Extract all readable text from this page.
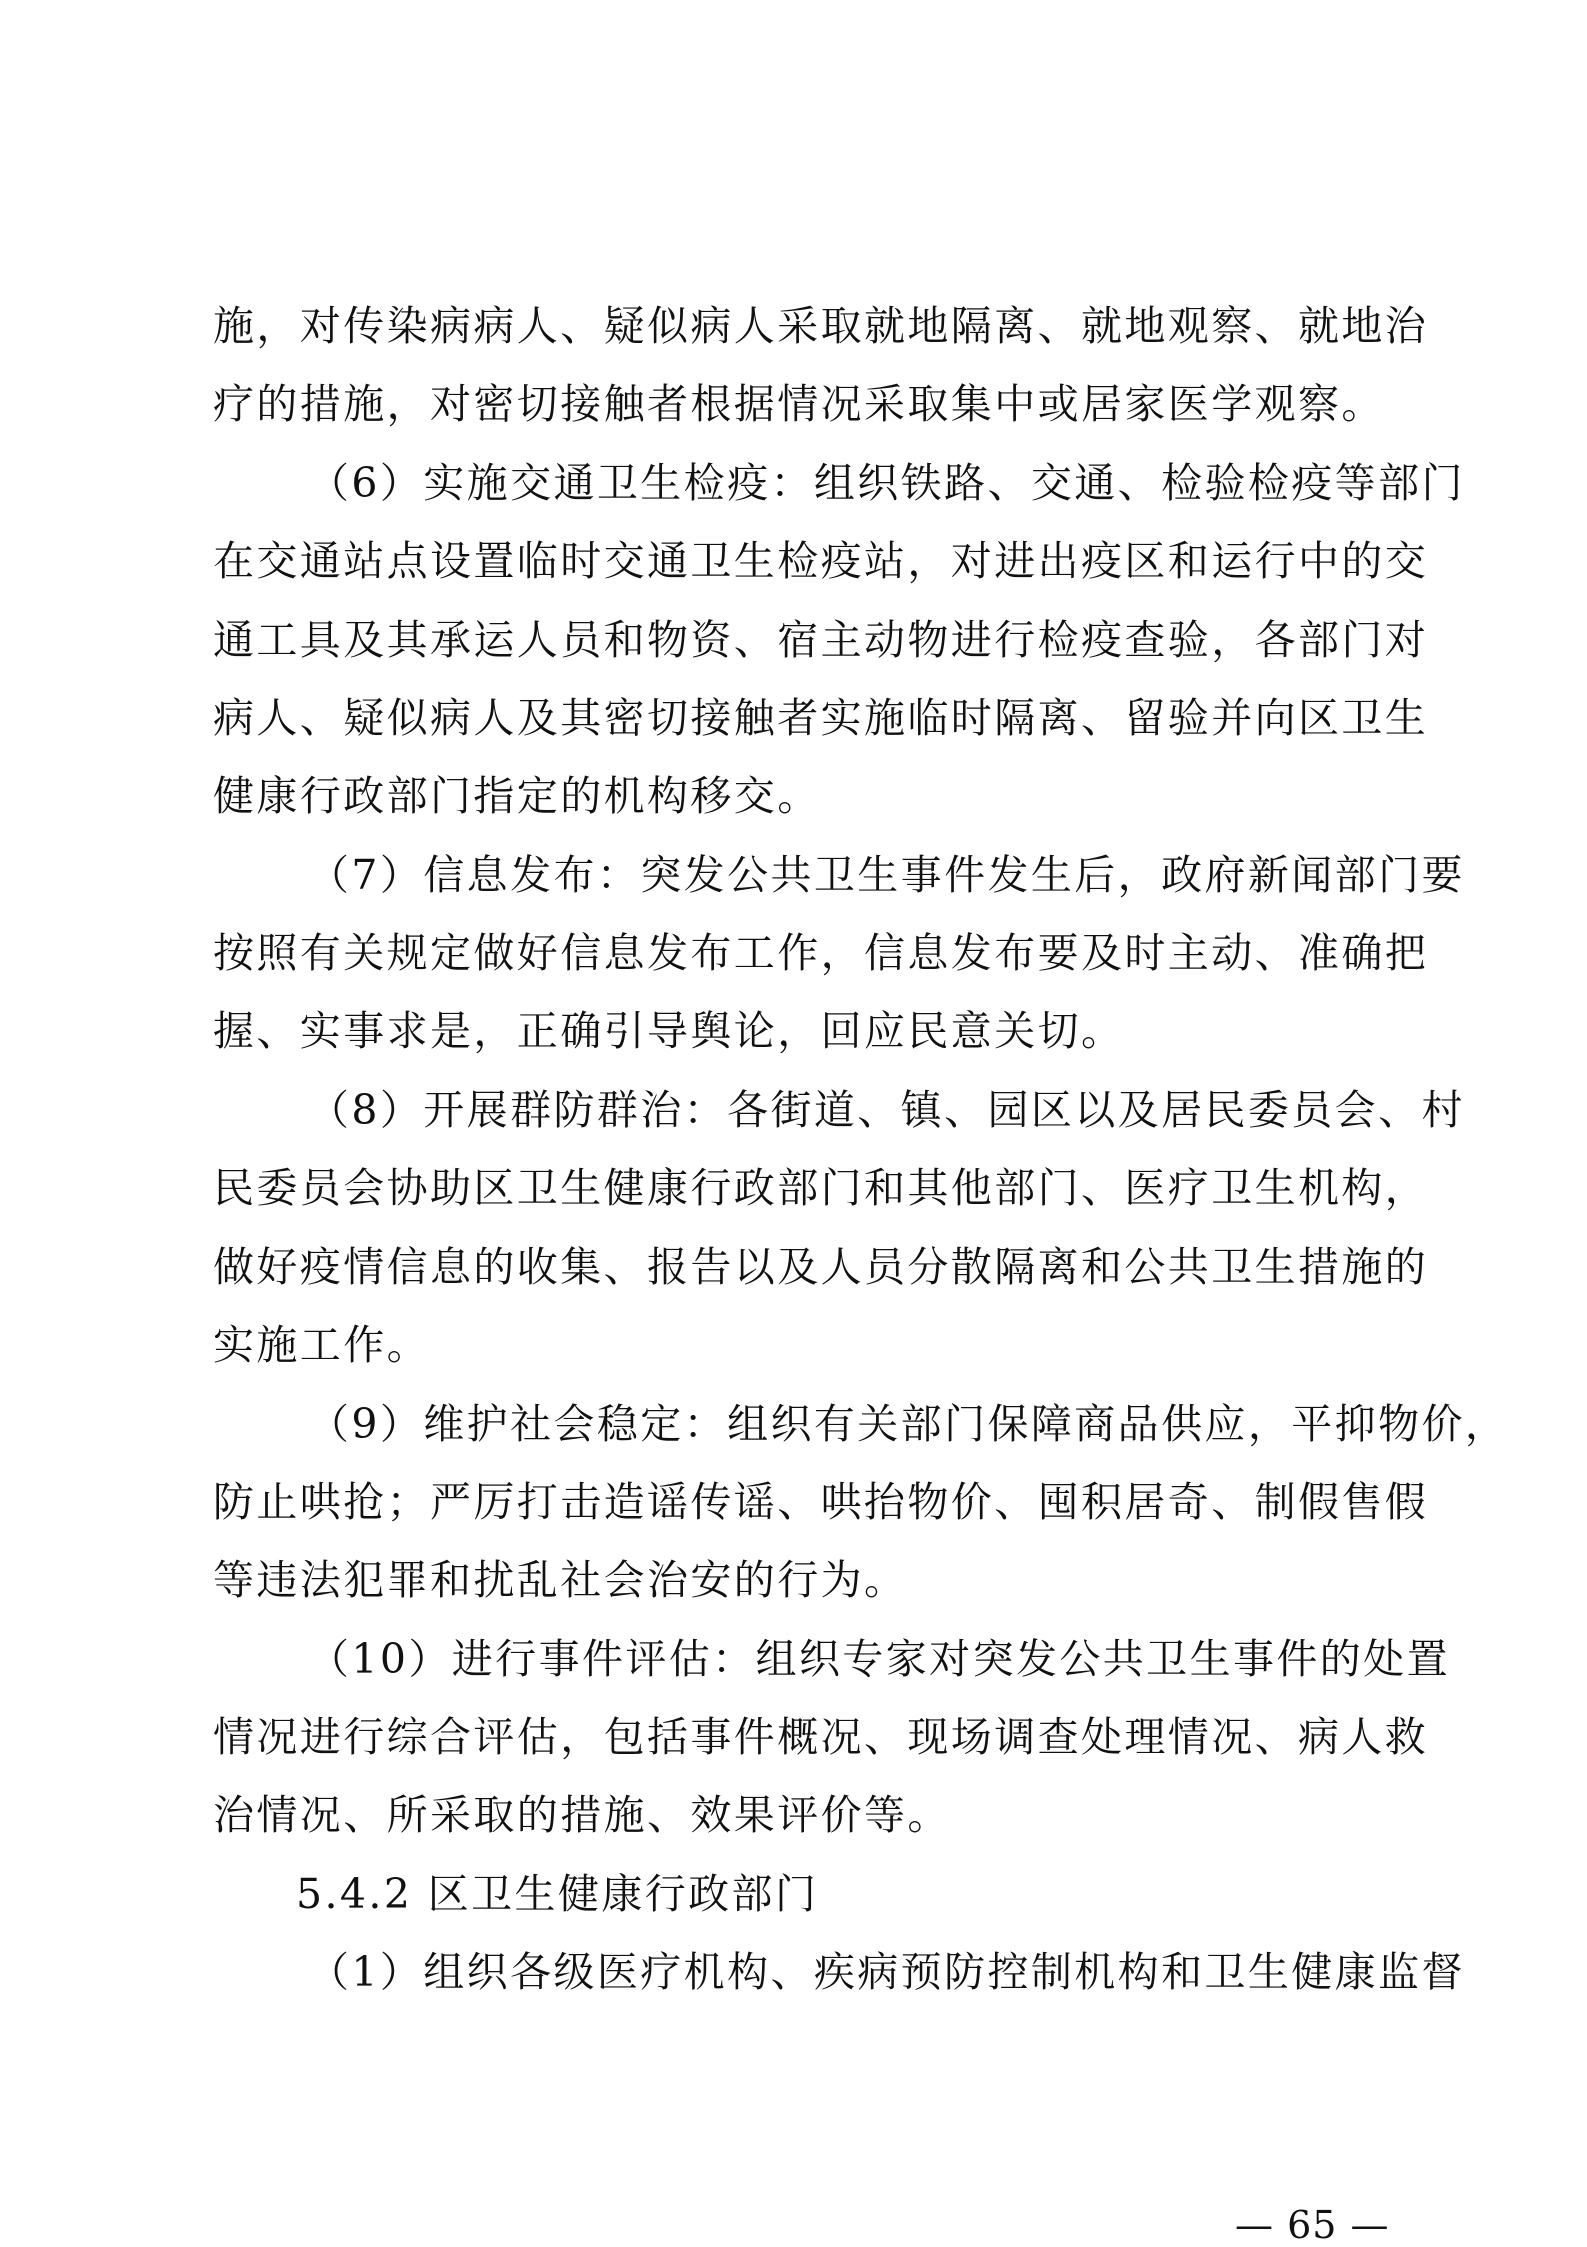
施，对传染病病人、疑似病人采取就地隔离、就地观察、就地治
疗的措施，对密切接触者根据情况采取集中或居家医学观察。
（6）实施交通卫生检疫：组织铁路、交通、检验检疫等部门
在交通站点设置临时交通卫生检疫站，对进出疫区和运行中的交
通工具及其承运人员和物资、宿主动物进行检疫查验，各部门对
病人、疑似病人及其密切接触者实施临时隔离、留验并向区卫生
健康行政部门指定的机构移交。
（7）信息发布：突发公共卫生事件发生后，政府新闻部门要
按照有关规定做好信息发布工作，信息发布要及时主动、准确把
握、实事求是，正确引导舆论，回应民意关切。
（8）开展群防群治：各街道、镇、园区以及居民委员会、村
民委员会协助区卫生健康行政部门和其他部门、医疗卫生机构，
做好疫情信息的收集、报告以及人员分散隔离和公共卫生措施的
实施工作。
（9）维护社会稳定：组织有关部门保障商品供应，平抑物价，
防止哄抢；严厉打击造谣传谣、哄抬物价、囤积居奇、制假售假
等违法犯罪和扰乱社会治安的行为。
（10）进行事件评估：组织专家对突发公共卫生事件的处置
情况进行综合评估，包括事件概况、现场调查处理情况、病人救
治情况、所采取的措施、效果评价等。
5.4.2 区卫生健康行政部门
（1）组织各级医疗机构、疾病预防控制机构和卫生健康监督
— 65 —
